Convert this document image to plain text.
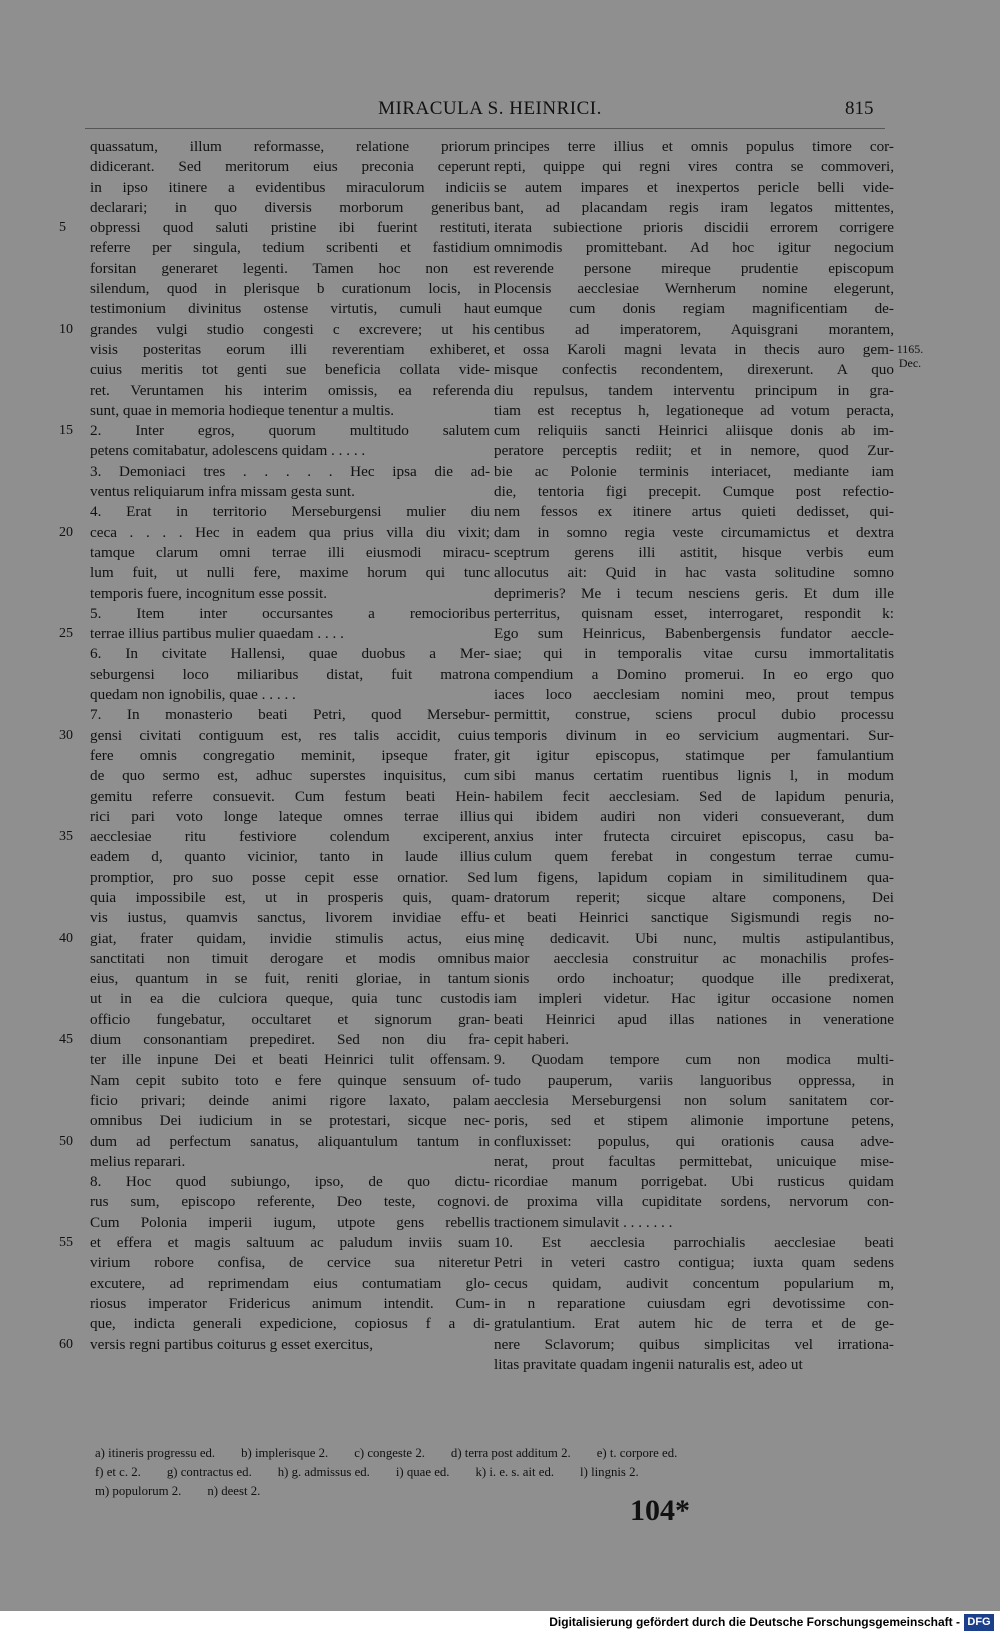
MIRACULA S. HEINRICI.	815
quassatum, illum reformasse, relatione priorum
didicerant. Sed meritorum eius preconia ceperunt
in ipso itinere a evidentibus miraculorum indiciis
declarari; in quo diversis morborum generibus
obpressi quod saluti pristine ibi fuerint restituti,
referre per singula, tedium scribenti et fastidium
forsitan generaret legenti. Tamen hoc non est
silendum, quod in plerisque b curationum locis, in
testimonium divinitus ostense virtutis, cumuli haut
grandes vulgi studio congesti c excrevere; ut his
visis posteritas eorum illi reverentiam exhiberet,
cuius meritis tot genti sue beneficia collata vide-
ret. Veruntamen his interim omissis, ea referenda
sunt, quae in memoria hodieque tenentur a multis.
2. Inter egros, quorum multitudo salutem
petens comitabatur, adolescens quidam . . . . .
3. Demoniaci tres . . . . . Hec ipsa die ad-
ventus reliquiarum infra missam gesta sunt.
4. Erat in territorio Merseburgensi mulier diu
ceca . . . . Hec in eadem qua prius villa diu vixit;
tamque clarum omni terrae illi eiusmodi miracu-
lum fuit, ut nulli fere, maxime horum qui tunc
temporis fuere, incognitum esse possit.
5. Item inter occursantes a remocioribus
terrae illius partibus mulier quaedam . . . .
6. In civitate Hallensi, quae duobus a Mer-
seburgensi loco miliaribus distat, fuit matrona
quedam non ignobilis, quae . . . . .
7. In monasterio beati Petri, quod Mersebur-
gensi civitati contiguum est, res talis accidit, cuius
fere omnis congregatio meminit, ipseque frater,
de quo sermo est, adhuc superstes inquisitus, cum
gemitu referre consuevit. Cum festum beati Hein-
rici pari voto longe lateque omnes terrae illius
aecclesiae ritu festiviore colendum exciperent,
eadem d, quanto vicinior, tanto in laude illius
promptior, pro suo posse cepit esse ornatior. Sed
quia impossibile est, ut in prosperis quis, quam-
vis iustus, quamvis sanctus, livorem invidiae effu-
giat, frater quidam, invidie stimulis actus, eius
sanctitati non timuit derogare et modis omnibus
eius, quantum in se fuit, reniti gloriae, in tantum
ut in ea die culciora queque, quia tunc custodis
officio fungebatur, occultaret et signorum gran-
dium consonantiam prepediret. Sed non diu fra-
ter ille inpune Dei et beati Heinrici tulit offensam.
Nam cepit subito toto e fere quinque sensuum of-
ficio privari; deinde animi rigore laxato, palam
omnibus Dei iudicium in se protestari, sicque nec-
dum ad perfectum sanatus, aliquantulum tantum in
melius reparari.
8. Hoc quod subiungo, ipso, de quo dictu-
rus sum, episcopo referente, Deo teste, cognovi.
Cum Polonia imperii iugum, utpote gens rebellis
et effera et magis saltuum ac paludum inviis suam
virium robore confisa, de cervice sua niteretur
excutere, ad reprimendam eius contumatiam glo-
riosus imperator Fridericus animum intendit. Cum-
que, indicta generali expedicione, copiosus f a di-
versis regni partibus coiturus g esset exercitus,
principes terre illius et omnis populus timore cor-
repti, quippe qui regni vires contra se commoveri,
se autem impares et inexpertos pericle belli vide-
bant, ad placandam regis iram legatos mittentes,
iterata subiectione prioris discidii errorem corrigere
omnimodis promittebant. Ad hoc igitur negocium
reverende persone mireque prudentie episcopum
Plocensis aecclesiae Wernherum nomine elegerunt,
eumque cum donis regiam magnificentiam de-
centibus ad imperatorem, Aquisgrani morantem,
et ossa Karoli magni levata in thecis auro gem-
misque confectis recondentem, direxerunt. A quo
diu repulsus, tandem interventu principum in gra-
tiam est receptus h, legationeque ad votum peracta,
cum reliquiis sancti Heinrici aliisque donis ab im-
peratore perceptis rediit; et in nemore, quod Zur-
bie ac Polonie terminis interiacet, mediante iam
die, tentoria figi precepit. Cumque post refectio-
nem fessos ex itinere artus quieti dedisset, qui-
dam in somno regia veste circumamictus et dextra
sceptrum gerens illi astitit, hisque verbis eum
allocutus ait: Quid in hac vasta solitudine somno
deprimeris? Me i tecum nesciens geris. Et dum ille
perterritus, quisnam esset, interrogaret, respondit k:
Ego sum Heinricus, Babenbergensis fundator aeccle-
siae; qui in temporalis vitae cursu immortalitatis
compendium a Domino promerui. In eo ergo quo
iaces loco aecclesiam nomini meo, prout tempus
permittit, construe, sciens procul dubio processu
temporis divinum in eo servicium augmentari. Sur-
git igitur episcopus, statimque per famulantium
sibi manus certatim ruentibus lignis l, in modum
habilem fecit aecclesiam. Sed de lapidum penuria,
qui ibidem audiri non videri consueverant, dum
anxius inter frutecta circuiret episcopus, casu ba-
culum quem ferebat in congestum terrae cumu-
lum figens, lapidum copiam in similitudinem qua-
dratorum reperit; sicque altare componens, Dei
et beati Heinrici sanctique Sigismundi regis no-
minę dedicavit. Ubi nunc, multis astipulantibus,
maior aecclesia construitur ac monachilis profes-
sionis ordo inchoatur; quodque ille predixerat,
iam impleri videtur. Hac igitur occasione nomen
beati Heinrici apud illas nationes in veneratione
cepit haberi.
9. Quodam tempore cum non modica multi-
tudo pauperum, variis languoribus oppressa, in
aecclesia Merseburgensi non solum sanitatem cor-
poris, sed et stipem alimonie importune petens,
confluxisset: populus, qui orationis causa adve-
nerat, prout facultas permittebat, unicuique mise-
ricordiae manum porrigebat. Ubi rusticus quidam
de proxima villa cupiditate sordens, nervorum con-
tractionem simulavit . . . . . . .
10. Est aecclesia parrochialis aecclesiae beati
Petri in veteri castro contigua; iuxta quam sedens
cecus quidam, audivit concentum popularium m,
in n reparatione cuiusdam egri devotissime con-
gratulantium. Erat autem hic de terra et de ge-
nere Sclavorum; quibus simplicitas vel irrationa-
litas pravitate quadam ingenii naturalis est, adeo ut
5
10
15
20
25
30
35
40
45
50
55
60
1165.
Dec.
a) itineris progressu ed. b) implerisque 2. c) congeste 2. d) terra post additum 2. e) t. corpore ed.
f) et c. 2. g) contractus ed. h) g. admissus ed. i) quae ed. k) i. e. s. ait ed. l) lingnis 2.
m) populorum 2. n) deest 2.
104*
Digitalisierung gefördert durch die Deutsche Forschungsgemeinschaft - DFG
